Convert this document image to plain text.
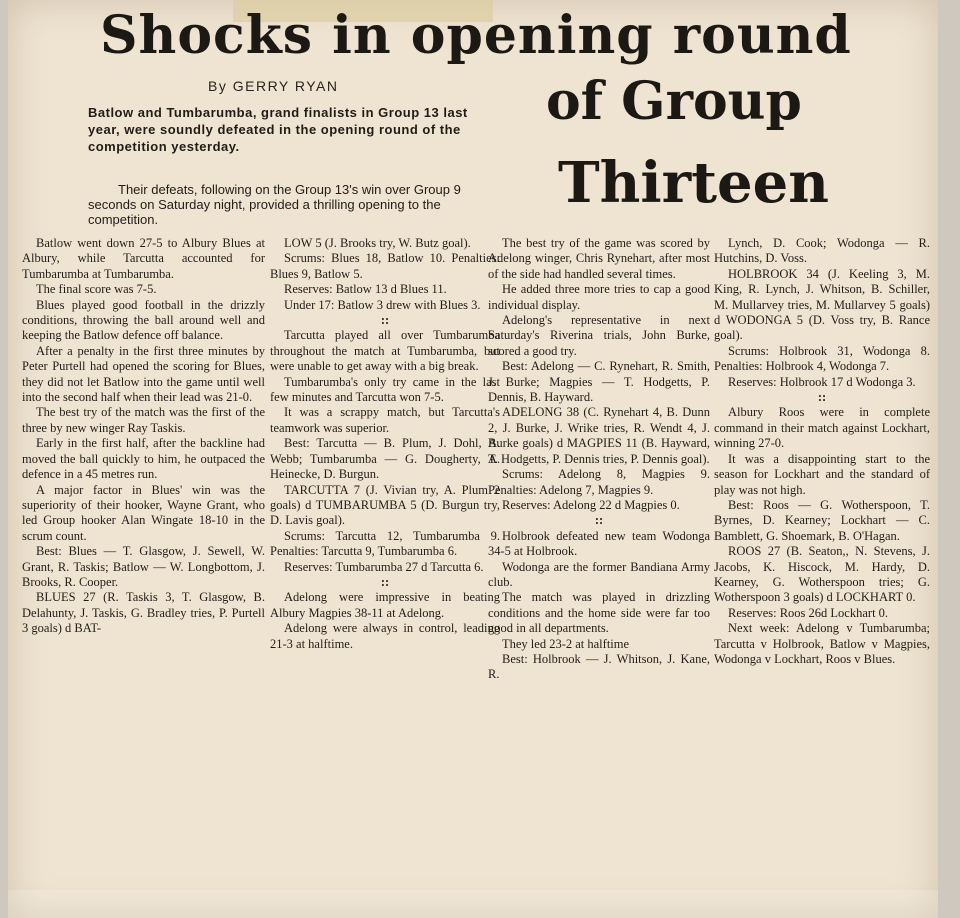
Shocks in opening round
of Group
Thirteen
By GERRY RYAN

Batlow and Tumbarumba, grand finalists in Group 13 last year, were soundly defeated in the opening round of the competition yesterday.

Their defeats, following on the Group 13's win over Group 9 seconds on Saturday night, provided a thrilling opening to the competition.

Batlow went down 27-5 to Albury Blues at Albury, while Tarcutta accounted for Tumbarumba at Tumbarumba.

The final score was 7-5.

Blues played good football in the drizzly conditions, throwing the ball around well and keeping the Batlow defence off balance.

After a penalty in the first three minutes by Peter Purtell had opened the scoring for Blues, they did not let Batlow into the game until well into the second half when their lead was 21-0.

The best try of the match was the first of the three by new winger Ray Taskis.

Early in the first half, after the backline had moved the ball quickly to him, he outpaced the defence in a 45 metres run.

A major factor in Blues' win was the superiority of their hooker, Wayne Grant, who led Group hooker Alan Wingate 18-10 in the scrum count.

Best: Blues — T. Glasgow, J. Sewell, W. Grant, R. Taskis; Batlow — W. Longbottom, J. Brooks, R. Cooper.

BLUES 27 (R. Taskis 3, T. Glasgow, B. Delahunty, J. Taskis, G. Bradley tries, P. Purtell 3 goals) d BAT-

LOW 5 (J. Brooks try, W. Butz goal).

Scrums: Blues 18, Batlow 10. Penalties: Blues 9, Batlow 5.

Reserves: Batlow 13 d Blues 11.

Under 17: Batlow 3 drew with Blues 3.

::

Tarcutta played all over Tumbarumba throughout the match at Tumbarumba, but were unable to get away with a big break.

Tumbarumba's only try came in the last few minutes and Tarcutta won 7-5.

It was a scrappy match, but Tarcutta's teamwork was superior.

Best: Tarcutta — B. Plum, J. Dohl, A. Webb; Tumbarumba — G. Dougherty, A. Heinecke, D. Burgun.

TARCUTTA 7 (J. Vivian try, A. Plum 2 goals) d TUMBARUMBA 5 (D. Burgun try, D. Lavis goal).

Scrums: Tarcutta 12, Tumbarumba 9. Penalties: Tarcutta 9, Tumbarumba 6.

Reserves: Tumbarumba 27 d Tarcutta 6.

::

Adelong were impressive in beating Albury Magpies 38-11 at Adelong.

Adelong were always in control, leading 21-3 at halftime.

The best try of the game was scored by Adelong winger, Chris Rynehart, after most of the side had handled several times.

He added three more tries to cap a good individual display.

Adelong's representative in next Saturday's Riverina trials, John Burke, scored a good try.

Best: Adelong — C. Rynehart, R. Smith, J. Burke; Magpies — T. Hodgetts, P. Dennis, B. Hayward.

ADELONG 38 (C. Rynehart 4, B. Dunn 2, J. Burke, J. Wrike tries, R. Wendt 4, J. Burke goals) d MAGPIES 11 (B. Hayward, T. Hodgetts, P. Dennis tries, P. Dennis goal).

Scrums: Adelong 8, Magpies 9. Penalties: Adelong 7, Magpies 9.

Reserves: Adelong 22 d Magpies 0.

::

Holbrook defeated new team Wodonga 34-5 at Holbrook.

Wodonga are the former Bandiana Army club.

The match was played in drizzling conditions and the home side were far too good in all departments.

They led 23-2 at halftime

Best: Holbrook — J. Whitson, J. Kane, R.

Lynch, D. Cook; Wodonga — R. Hutchins, D. Voss.

HOLBROOK 34 (J. Keeling 3, M. King, R. Lynch, J. Whitson, B. Schiller, M. Mullarvey tries, M. Mullarvey 5 goals) d WODONGA 5 (D. Voss try, B. Rance goal).

Scrums: Holbrook 31, Wodonga 8. Penalties: Holbrook 4, Wodonga 7.

Reserves: Holbrook 17 d Wodonga 3.

::

Albury Roos were in complete command in their match against Lockhart, winning 27-0.

It was a disappointing start to the season for Lockhart and the standard of play was not high.

Best: Roos — G. Wotherspoon, T. Byrnes, D. Kearney; Lockhart — C. Bamblett, G. Shoemark, B. O'Hagan.

ROOS 27 (B. Seaton,, N. Stevens, J. Jacobs, K. Hiscock, M. Hardy, D. Kearney, G. Wotherspoon tries; G. Wotherspoon 3 goals) d LOCKHART 0.

Reserves: Roos 26d Lockhart 0.

Next week: Adelong v Tumbarumba; Tarcutta v Holbrook, Batlow v Magpies, Wodonga v Lockhart, Roos v Blues.
